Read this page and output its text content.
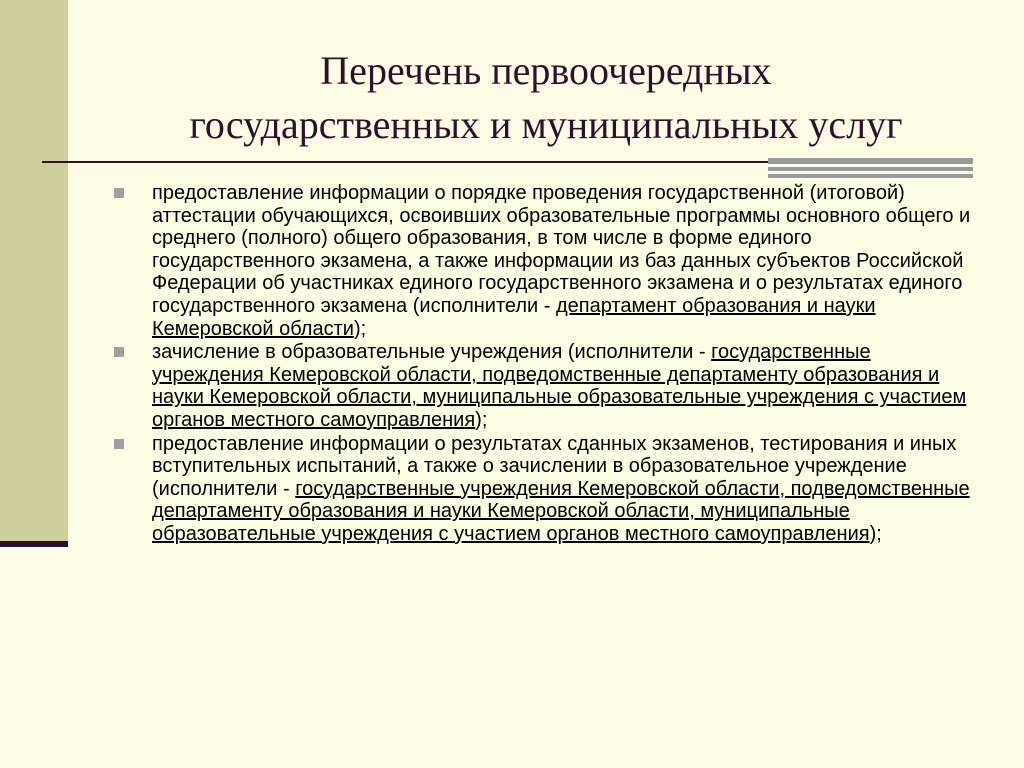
Перечень первоочередных
государственных и муниципальных услуг
предоставление информации о порядке проведения государственной (итоговой) аттестации обучающихся, освоивших образовательные программы основного общего и среднего (полного) общего образования, в том числе в форме единого государственного экзамена, а также информации из баз данных субъектов Российской Федерации об участниках единого государственного экзамена и о результатах единого государственного экзамена (исполнители - департамент образования и науки Кемеровской области);
зачисление в образовательные учреждения (исполнители - государственные учреждения Кемеровской области, подведомственные департаменту образования и науки Кемеровской области, муниципальные образовательные учреждения с участием органов местного самоуправления);
предоставление информации о результатах сданных экзаменов, тестирования и иных вступительных испытаний, а также о зачислении в образовательное учреждение (исполнители - государственные учреждения Кемеровской области, подведомственные департаменту образования и науки Кемеровской области, муниципальные образовательные учреждения с участием органов местного самоуправления);
